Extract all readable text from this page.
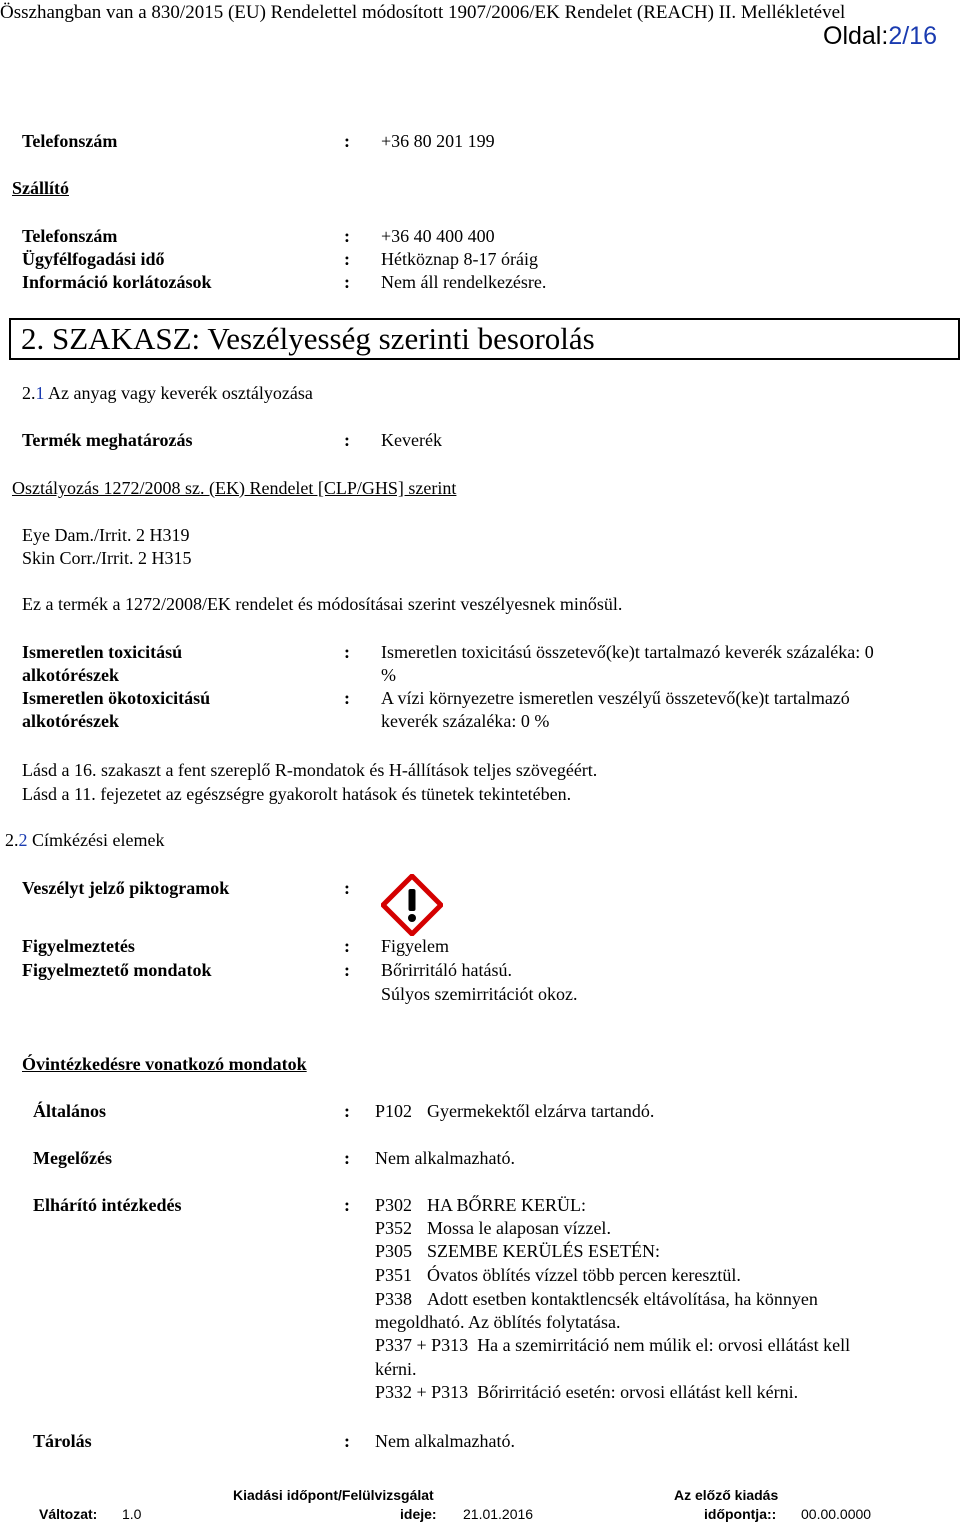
Összhangban van a 830/2015 (EU) Rendelettel módosított 1907/2006/EK Rendelet (REACH) II. Mellékletével
Oldal:2/16
Telefonszám	: +36 80 201 199
Szállító
Telefonszám	: +36 40 400 400
Ügyfélfogadási idő	: Hétköznap 8-17 óráig
Információ korlátozások	: Nem áll rendelkezésre.
2. SZAKASZ: Veszélyesség szerinti besorolás
2.1 Az anyag vagy keverék osztályozása
Termék meghatározás	: Keverék
Osztályozás 1272/2008 sz. (EK) Rendelet [CLP/GHS] szerint
Eye Dam./Irrit. 2 H319
Skin Corr./Irrit. 2 H315
Ez a termék a 1272/2008/EK rendelet és módosításai szerint veszélyesnek minősül.
Ismeretlen toxicitású
alkotórészek
: Ismeretlen toxicitású összetevő(ke)t tartalmazó keverék százaléka: 0
%
Ismeretlen ökotoxicitású
alkotórészek
: A vízi környezetre ismeretlen veszélyű összetevő(ke)t tartalmazó
keverék százaléka: 0 %
Lásd a 16. szakaszt a fent szereplő R-mondatok és H-állítások teljes szövegéért.
Lásd a 11. fejezetet az egészségre gyakorolt hatások és tünetek tekintetében.
2.2 Címkézési elemek
Veszélyt jelző piktogramok	:
Figyelmeztetés	: Figyelem
Figyelmeztető mondatok	: Bőrirritáló hatású.
Súlyos szemirritációt okoz.
Óvintézkedésre vonatkozó mondatok
Általános	: P102 Gyermekektől elzárva tartandó.
Megelőzés	: Nem alkalmazható.
Elhárító intézkedés	: P302 HA BŐRRE KERÜL:
P352 Mossa le alaposan vízzel.
P305 SZEMBE KERÜLÉS ESETÉN:
P351 Óvatos öblítés vízzel több percen keresztül.
P338 Adott esetben kontaktlencsék eltávolítása, ha könnyen
megoldható. Az öblítés folytatása.
P337 + P313 Ha a szemirritáció nem múlik el: orvosi ellátást kell
kérni.
P332 + P313 Bőrirritáció esetén: orvosi ellátást kell kérni.
Tárolás	: Nem alkalmazható.
Változat: 1.0
Kiadási időpont/Felülvizsgálat
ideje: 21.01.2016
Az előző kiadás
időpontja:: 00.00.0000
